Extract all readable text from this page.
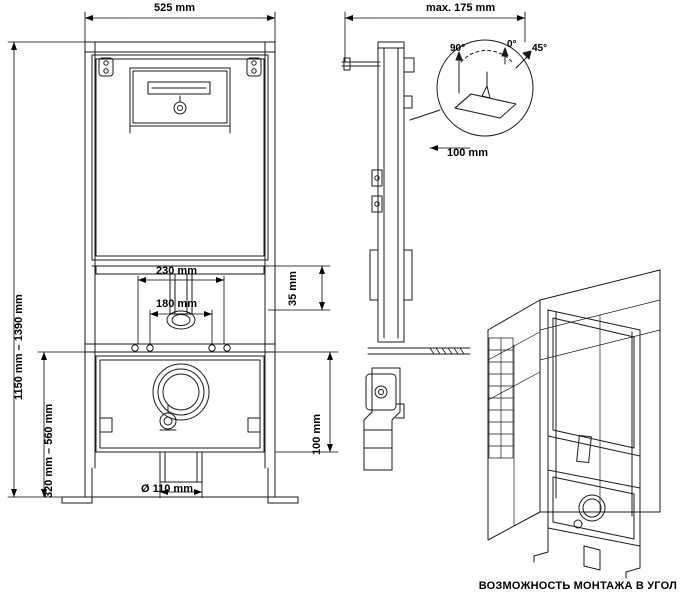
525 mm	max. 175 mm
1150 mm – 1390 mm
320 mm – 560 mm
230 mm
180 mm	35 mm
100 mm
Ø 110 mm
100 mm
90°	0° 45°
ВОЗМОЖНОСТЬ МОНТАЖА В УГОЛ
